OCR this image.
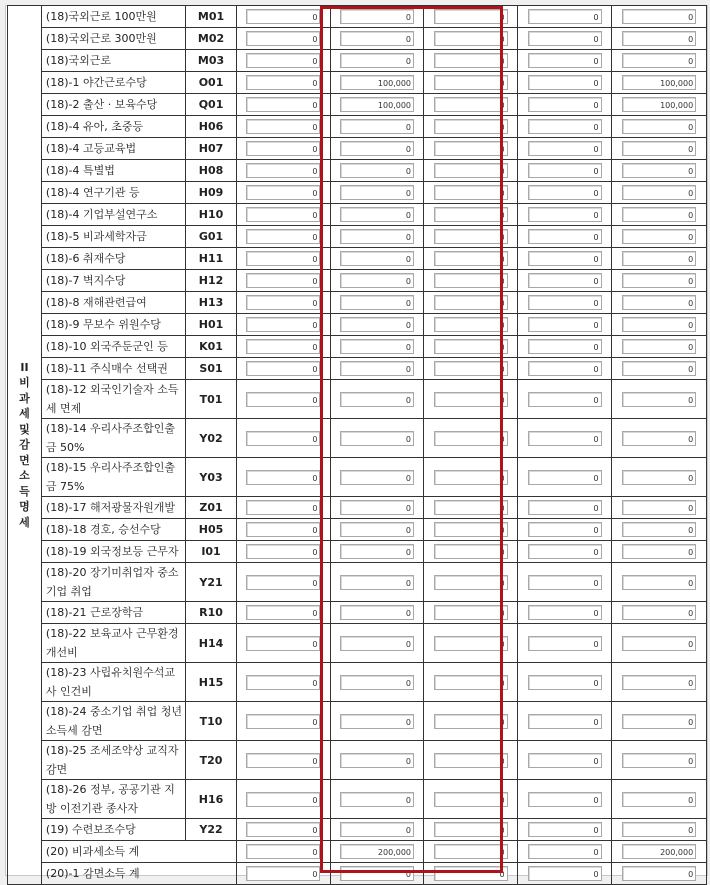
II
비
과
세
및
감
면
소
득
명
세
	(18)국외근로 100만원	M01	0	0	0	0	0
	(18)국외근로 300만원	M02	0	0	0	0	0
	(18)국외근로	M03	0	0	0	0	0
	(18)-1 야간근로수당	O01	0	100,000	0	0	100,000
	(18)-2 출산 · 보육수당	Q01	0	100,000	0	0	100,000
	(18)-4 유아, 초중등	H06	0	0	0	0	0
	(18)-4 고등교육법	H07	0	0	0	0	0
	(18)-4 특별법	H08	0	0	0	0	0
	(18)-4 연구기관 등	H09	0	0	0	0	0
	(18)-4 기업부설연구소	H10	0	0	0	0	0
	(18)-5 비과세학자금	G01	0	0	0	0	0
	(18)-6 취재수당	H11	0	0	0	0	0
	(18)-7 벽지수당	H12	0	0	0	0	0
	(18)-8 재해관련급여	H13	0	0	0	0	0
	(18)-9 무보수 위원수당	H01	0	0	0	0	0
	(18)-10 외국주둔군인 등	K01	0	0	0	0	0
	(18)-11 주식매수 선택권	S01	0	0	0	0	0
	(18)-12 외국인기술자 소득세 면제	T01	0	0	0	0	0
	(18)-14 우리사주조합인출금 50%	Y02	0	0	0	0	0
	(18)-15 우리사주조합인출금 75%	Y03	0	0	0	0	0
	(18)-17 해저광물자원개발	Z01	0	0	0	0	0
	(18)-18 경호, 승선수당	H05	0	0	0	0	0
	(18)-19 외국정보등 근무자	I01	0	0	0	0	0
	(18)-20 장기미취업자 중소기업 취업	Y21	0	0	0	0	0
	(18)-21 근로장학금	R10	0	0	0	0	0
	(18)-22 보육교사 근무환경 개선비	H14	0	0	0	0	0
	(18)-23 사립유치원수석교사 인건비	H15	0	0	0	0	0
	(18)-24 중소기업 취업 청년 소득세 감면	T10	0	0	0	0	0
	(18)-25 조세조약상 교직자 감면	T20	0	0	0	0	0
	(18)-26 정부, 공공기관 지방 이전기관 종사자	H16	0	0	0	0	0
	(19) 수련보조수당	Y22	0	0	0	0	0
	(20) 비과세소득 계		0	200,000	0	0	200,000
	(20)-1 감면소득 계		0	0	0	0	0
